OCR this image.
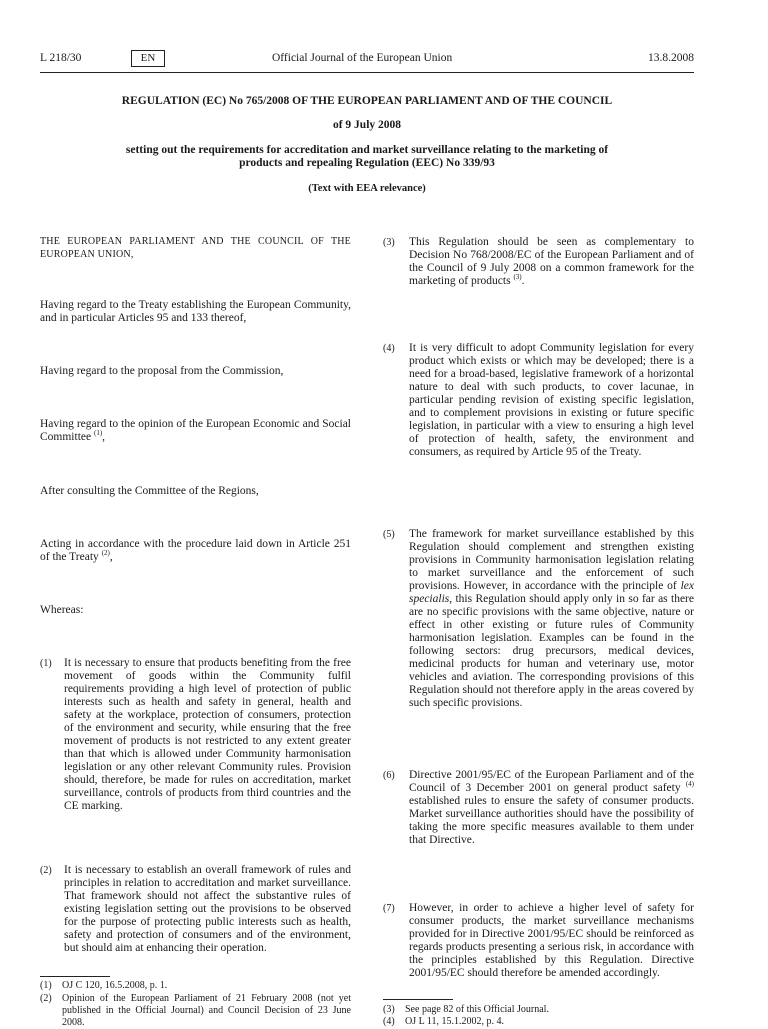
L 218/30	EN	Official Journal of the European Union	13.8.2008
REGULATION (EC) No 765/2008 OF THE EUROPEAN PARLIAMENT AND OF THE COUNCIL
of 9 July 2008
setting out the requirements for accreditation and market surveillance relating to the marketing of
products and repealing Regulation (EEC) No 339/93
(Text with EEA relevance)
THE EUROPEAN PARLIAMENT AND THE COUNCIL OF THE EUROPEAN UNION,
Having regard to the Treaty establishing the European Community, and in particular Articles 95 and 133 thereof,
Having regard to the proposal from the Commission,
Having regard to the opinion of the European Economic and Social Committee $^{(1)}$,
After consulting the Committee of the Regions,
Acting in accordance with the procedure laid down in Article 251 of the Treaty $^{(2)}$,
Whereas:
(1) It is necessary to ensure that products benefiting from the free movement of goods within the Community fulfil requirements providing a high level of protection of public interests such as health and safety in general, health and safety at the workplace, protection of consumers, protection of the environment and security, while ensuring that the free movement of products is not restricted to any extent greater than that which is allowed under Community harmonisation legislation or any other relevant Community rules. Provision should, therefore, be made for rules on accreditation, market surveillance, controls of products from third countries and the CE marking.
(2) It is necessary to establish an overall framework of rules and principles in relation to accreditation and market surveillance. That framework should not affect the substantive rules of existing legislation setting out the provisions to be observed for the purpose of protecting public interests such as health, safety and protection of consumers and of the environment, but should aim at enhancing their operation.
(1) OJ C 120, 16.5.2008, p. 1.
(2) Opinion of the European Parliament of 21 February 2008 (not yet published in the Official Journal) and Council Decision of 23 June 2008.
(3) This Regulation should be seen as complementary to Decision No 768/2008/EC of the European Parliament and of the Council of 9 July 2008 on a common framework for the marketing of products $^{(3)}$.
(4) It is very difficult to adopt Community legislation for every product which exists or which may be developed; there is a need for a broad-based, legislative framework of a horizontal nature to deal with such products, to cover lacunae, in particular pending revision of existing specific legislation, and to complement provisions in existing or future specific legislation, in particular with a view to ensuring a high level of protection of health, safety, the environment and consumers, as required by Article 95 of the Treaty.
(5) The framework for market surveillance established by this Regulation should complement and strengthen existing provisions in Community harmonisation legislation relating to market surveillance and the enforcement of such provisions. However, in accordance with the principle of lex specialis, this Regulation should apply only in so far as there are no specific provisions with the same objective, nature or effect in other existing or future rules of Community harmonisation legislation. Examples can be found in the following sectors: drug precursors, medical devices, medicinal products for human and veterinary use, motor vehicles and aviation. The corresponding provisions of this Regulation should not therefore apply in the areas covered by such specific provisions.
(6) Directive 2001/95/EC of the European Parliament and of the Council of 3 December 2001 on general product safety $^{(4)}$ established rules to ensure the safety of consumer products. Market surveillance authorities should have the possibility of taking the more specific measures available to them under that Directive.
(7) However, in order to achieve a higher level of safety for consumer products, the market surveillance mechanisms provided for in Directive 2001/95/EC should be reinforced as regards products presenting a serious risk, in accordance with the principles established by this Regulation. Directive 2001/95/EC should therefore be amended accordingly.
(3) See page 82 of this Official Journal.
(4) OJ L 11, 15.1.2002, p. 4.
